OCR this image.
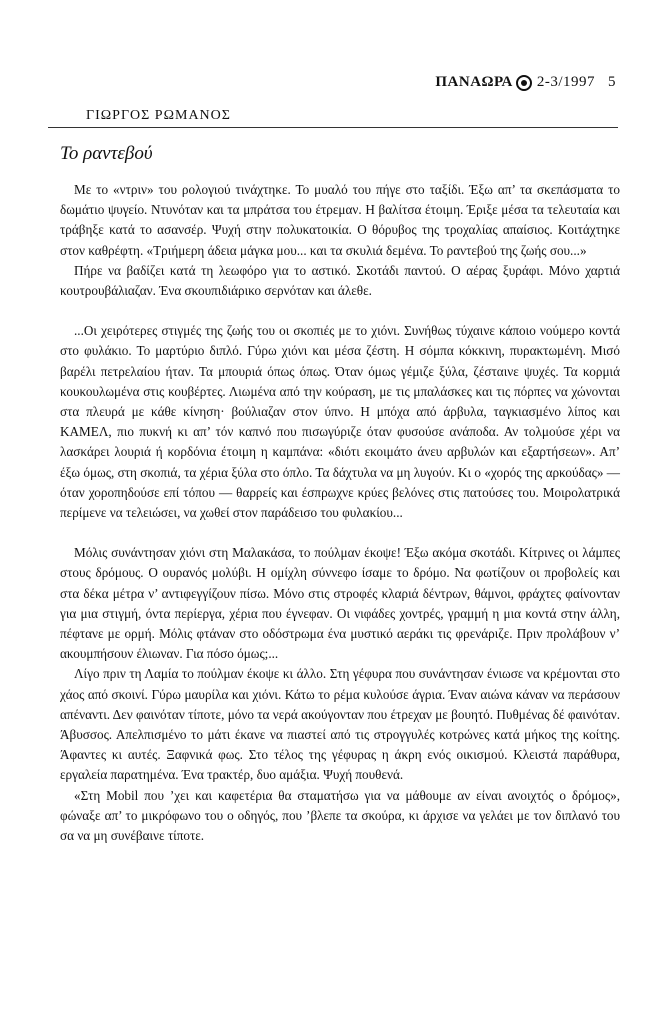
ΠΑΝΑΩΡΑ 2-3/1997 5
ΓΙΩΡΓΟΣ ΡΩΜΑΝΟΣ
Το ραντεβού

Με το «ντριν» του ρολογιού τινάχτηκε. Το μυαλό του πήγε στο ταξίδι. Έξω απ’ τα σκεπάσματα το δωμάτιο ψυγείο. Ντυνόταν και τα μπράτσα του έτρεμαν. Η βαλίτσα έτοιμη. Έριξε μέσα τα τελευταία και τράβηξε κατά το ασανσέρ. Ψυχή στην πολυκατοικία. Ο θόρυβος της τροχαλίας απαίσιος. Κοιτάχτηκε στον καθρέφτη. «Τριήμερη άδεια μάγκα μου... και τα σκυλιά δεμένα. Το ραντεβού της ζωής σου...»

Πήρε να βαδίζει κατά τη λεωφόρο για το αστικό. Σκοτάδι παντού. Ο αέρας ξυράφι. Μόνο χαρτιά κουτρουβάλιαζαν. Ένα σκουπιδιάρικο σερνόταν και άλεθε.

...Οι χειρότερες στιγμές της ζωής του οι σκοπιές με το χιόνι. Συνήθως τύχαινε κάποιο νούμερο κοντά στο φυλάκιο. Το μαρτύριο διπλό. Γύρω χιόνι και μέσα ζέστη. Η σόμπα κόκκινη, πυρακτωμένη. Μισό βαρέλι πετρελαίου ήταν. Τα μπουριά όπως όπως. Όταν όμως γέμιζε ξύλα, ζέσταινε ψυχές. Τα κορμιά κουκουλωμένα στις κουβέρτες. Λιωμένα από την κούραση, με τις μπαλάσκες και τις πόρπες να χώνονται στα πλευρά με κάθε κίνηση· βούλιαζαν στον ύπνο. Η μπόχα από άρβυλα, ταγκιασμένο λίπος και ΚΑΜΕΛ, πιο πυκνή κι απ’ τόν καπνό που πισωγύριζε όταν φυσούσε ανάποδα. Αν τολμούσε χέρι να λασκάρει λουριά ή κορδόνια έτοιμη η καμπάνα: «διότι εκοιμάτο άνευ αρβυλών και εξαρτήσεων». Απ’ έξω όμως, στη σκοπιά, τα χέρια ξύλα στο όπλο. Τα δάχτυλα να μη λυγούν. Κι ο «χορός της αρκούδας» — όταν χοροπηδούσε επί τόπου — θαρρείς και έσπρωχνε κρύες βελόνες στις πατούσες του. Μοιρολατρικά περίμενε να τελειώσει, να χωθεί στον παράδεισο του φυλακίου...

Μόλις συνάντησαν χιόνι στη Μαλακάσα, το πούλμαν έκοψε! Έξω ακόμα σκοτάδι. Κίτρινες οι λάμπες στους δρόμους. Ο ουρανός μολύβι. Η ομίχλη σύννεφο ίσαμε το δρόμο. Να φωτίζουν οι προβολείς και στα δέκα μέτρα ν’ αντιφεγγίζουν πίσω. Μόνο στις στροφές κλαριά δέντρων, θάμνοι, φράχτες φαίνονταν για μια στιγμή, όντα περίεργα, χέρια που έγνεφαν. Οι νιφάδες χοντρές, γραμμή η μια κοντά στην άλλη, πέφτανε με ορμή. Μόλις φτάναν στο οδόστρωμα ένα μυστικό αεράκι τις φρενάριζε. Πριν προλάβουν ν’ ακουμπήσουν έλιωναν. Για πόσο όμως;...

Λίγο πριν τη Λαμία το πούλμαν έκοψε κι άλλο. Στη γέφυρα που συνάντησαν ένιωσε να κρέμονται στο χάος από σκοινί. Γύρω μαυρίλα και χιόνι. Κάτω το ρέμα κυλούσε άγρια. Έναν αιώνα κάναν να περάσουν απέναντι. Δεν φαινόταν τίποτε, μόνο τα νερά ακούγονταν που έτρεχαν με βουητό. Πυθμένας δέ φαινόταν. Άβυσσος. Απελπισμένο το μάτι έκανε να πιαστεί από τις στρογγυλές κοτρώνες κατά μήκος της κοίτης. Άφαντες κι αυτές. Ξαφνικά φως. Στο τέλος της γέφυρας η άκρη ενός οικισμού. Κλειστά παράθυρα, εργαλεία παρατημένα. Ένα τρακτέρ, δυο αμάξια. Ψυχή πουθενά.

«Στη Mobil που ’χει και καφετέρια θα σταματήσω για να μάθουμε αν είναι ανοιχτός ο δρόμος», φώναξε απ’ το μικρόφωνο του ο οδηγός, που ’βλεπε τα σκούρα, κι άρχισε να γελάει με τον διπλανό του σα να μη συνέβαινε τίποτε.
